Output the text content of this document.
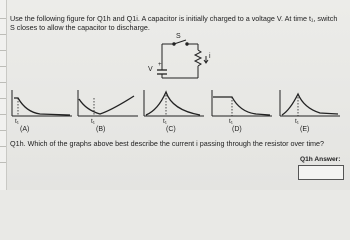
Use the following figure for Q1h and Q1i. A capacitor is initially charged to a voltage V. At time t₁, switch S closes to allow the capacitor to discharge.

S
V
+
i
t₁	t₁	t₁	t₁	t₁
(A)	(B)	(C)	(D)	(E)

Q1h. Which of the graphs above best describe the current i passing through the resistor over time?

Q1h Answer:
